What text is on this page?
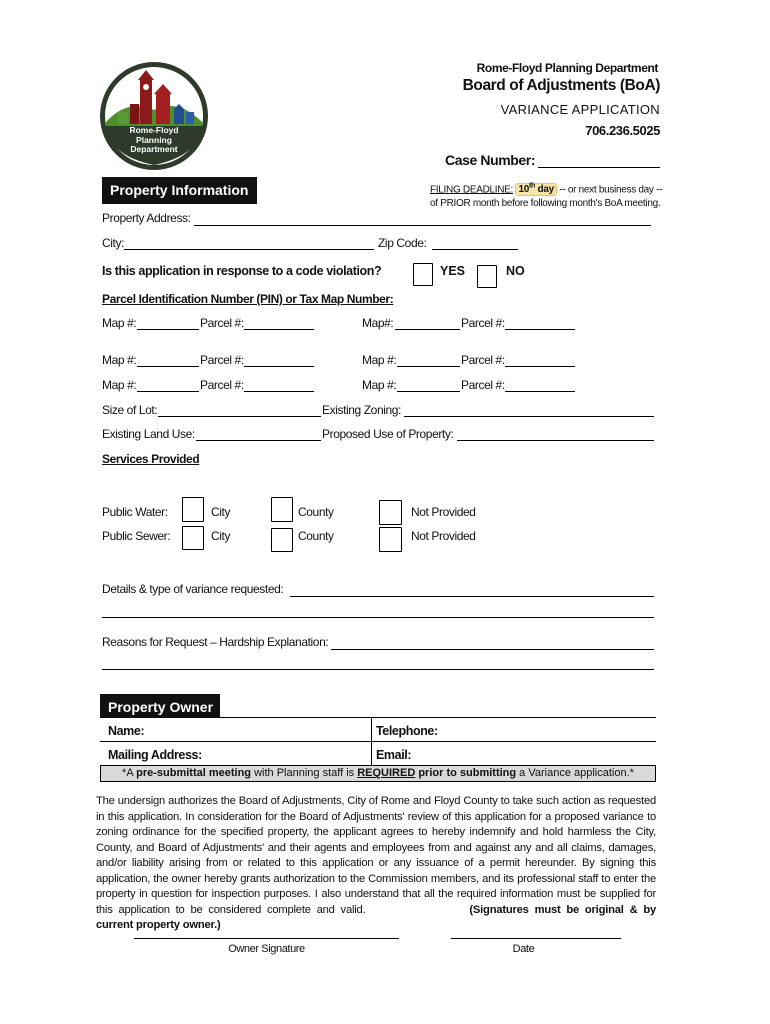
Rome-Floyd
Planning
Department
Rome-Floyd Planning Department
Board of Adjustments (BoA)
VARIANCE APPLICATION
706.236.5025
Case Number:
Property Information	FILING DEADLINE: 10th day -- or next business day --
of PRIOR month before following month's BoA meeting.
Property Address:
City:	Zip Code:
Is this application in response to a code violation?	YES	NO
Parcel Identification Number (PIN) or Tax Map Number:
Map #:	Parcel #:	Map#:	Parcel #:
Map #:	Parcel #:	Map #:	Parcel #:
Map #:	Parcel #:	Map #:	Parcel #:
Size of Lot:	Existing Zoning:
Existing Land Use:	Proposed Use of Property:
Services Provided
Public Water:	City	County	Not Provided
Public Sewer:	City	County	Not Provided
Details & type of variance requested:
Reasons for Request – Hardship Explanation:
Property Owner
Name:	Telephone:
Mailing Address:	Email:
*A pre-submittal meeting with Planning staff is REQUIRED prior to submitting a Variance application.*
The undersign authorizes the Board of Adjustments, City of Rome and Floyd County to take such action as requested in this application. In consideration for the Board of Adjustments' review of this application for a proposed variance to zoning ordinance for the specified property, the applicant agrees to hereby indemnify and hold harmless the City, County, and Board of Adjustments' and their agents and employees from and against any and all claims, damages, and/or liability arising from or related to this application or any issuance of a permit hereunder. By signing this application, the owner hereby grants authorization to the Commission members, and its professional staff to enter the property in question for inspection purposes. I also understand that all the required information must be supplied for this application to be considered complete and valid.	(Signatures must be original & by current property owner.)
Owner Signature	Date
